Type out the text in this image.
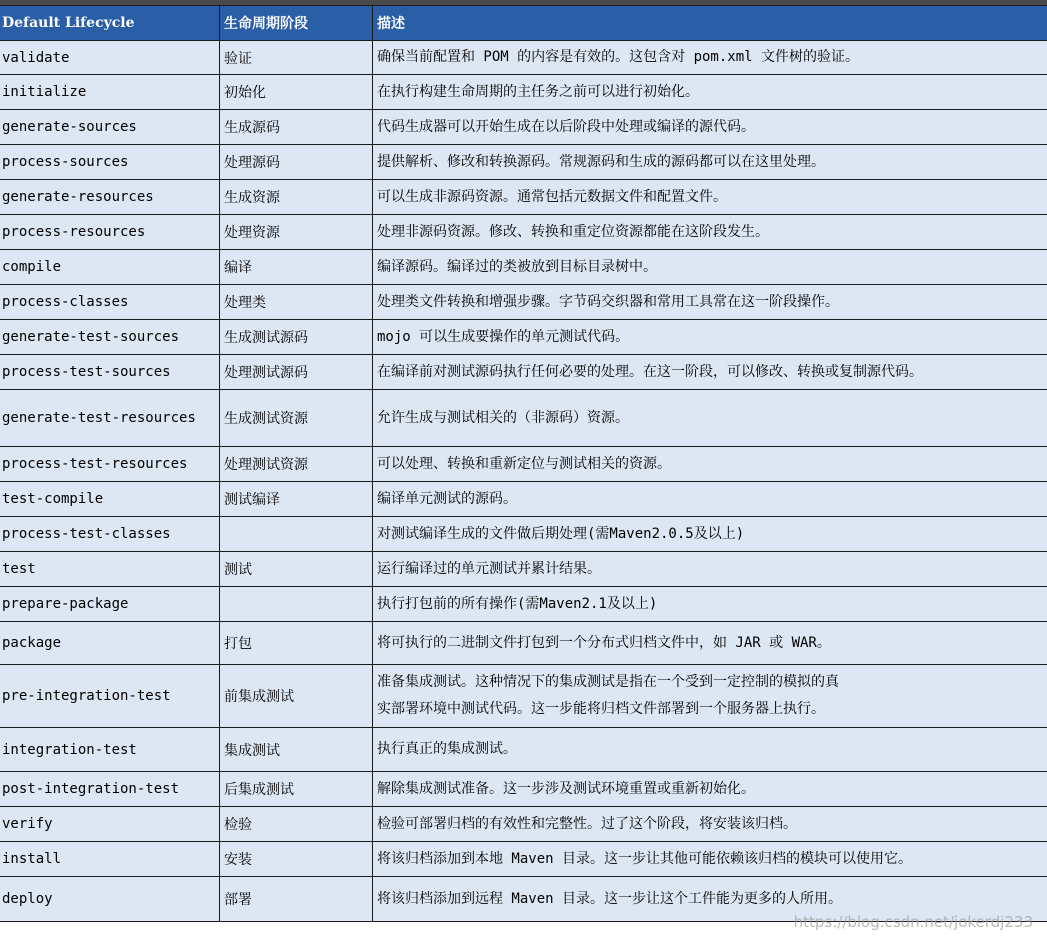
Default Lifecycle	生命周期阶段	描述
validate	验证	确保当前配置和 POM 的内容是有效的。这包含对 pom.xml 文件树的验证。
initialize	初始化	在执行构建生命周期的主任务之前可以进行初始化。
generate-sources	生成源码	代码生成器可以开始生成在以后阶段中处理或编译的源代码。
process-sources	处理源码	提供解析、修改和转换源码。常规源码和生成的源码都可以在这里处理。
generate-resources	生成资源	可以生成非源码资源。通常包括元数据文件和配置文件。
process-resources	处理资源	处理非源码资源。修改、转换和重定位资源都能在这阶段发生。
compile	编译	编译源码。编译过的类被放到目标目录树中。
process-classes	处理类	处理类文件转换和增强步骤。字节码交织器和常用工具常在这一阶段操作。
generate-test-sources	生成测试源码	mojo 可以生成要操作的单元测试代码。
process-test-sources	处理测试源码	在编译前对测试源码执行任何必要的处理。在这一阶段，可以修改、转换或复制源代码。
generate-test-resources	生成测试资源	允许生成与测试相关的（非源码）资源。
process-test-resources	处理测试资源	可以处理、转换和重新定位与测试相关的资源。
test-compile	测试编译	编译单元测试的源码。
process-test-classes		对测试编译生成的文件做后期处理(需Maven2.0.5及以上)
test	测试	运行编译过的单元测试并累计结果。
prepare-package		执行打包前的所有操作(需Maven2.1及以上)
package	打包	将可执行的二进制文件打包到一个分布式归档文件中，如 JAR 或 WAR。
pre-integration-test	前集成测试	准备集成测试。这种情况下的集成测试是指在一个受到一定控制的模拟的真
实部署环境中测试代码。这一步能将归档文件部署到一个服务器上执行。
integration-test	集成测试	执行真正的集成测试。
post-integration-test	后集成测试	解除集成测试准备。这一步涉及测试环境重置或重新初始化。
verify	检验	检验可部署归档的有效性和完整性。过了这个阶段，将安装该归档。
install	安装	将该归档添加到本地 Maven 目录。这一步让其他可能依赖该归档的模块可以使用它。
deploy	部署	将该归档添加到远程 Maven 目录。这一步让这个工件能为更多的人所用。
https://blog.csdn.net/jokerdj233
